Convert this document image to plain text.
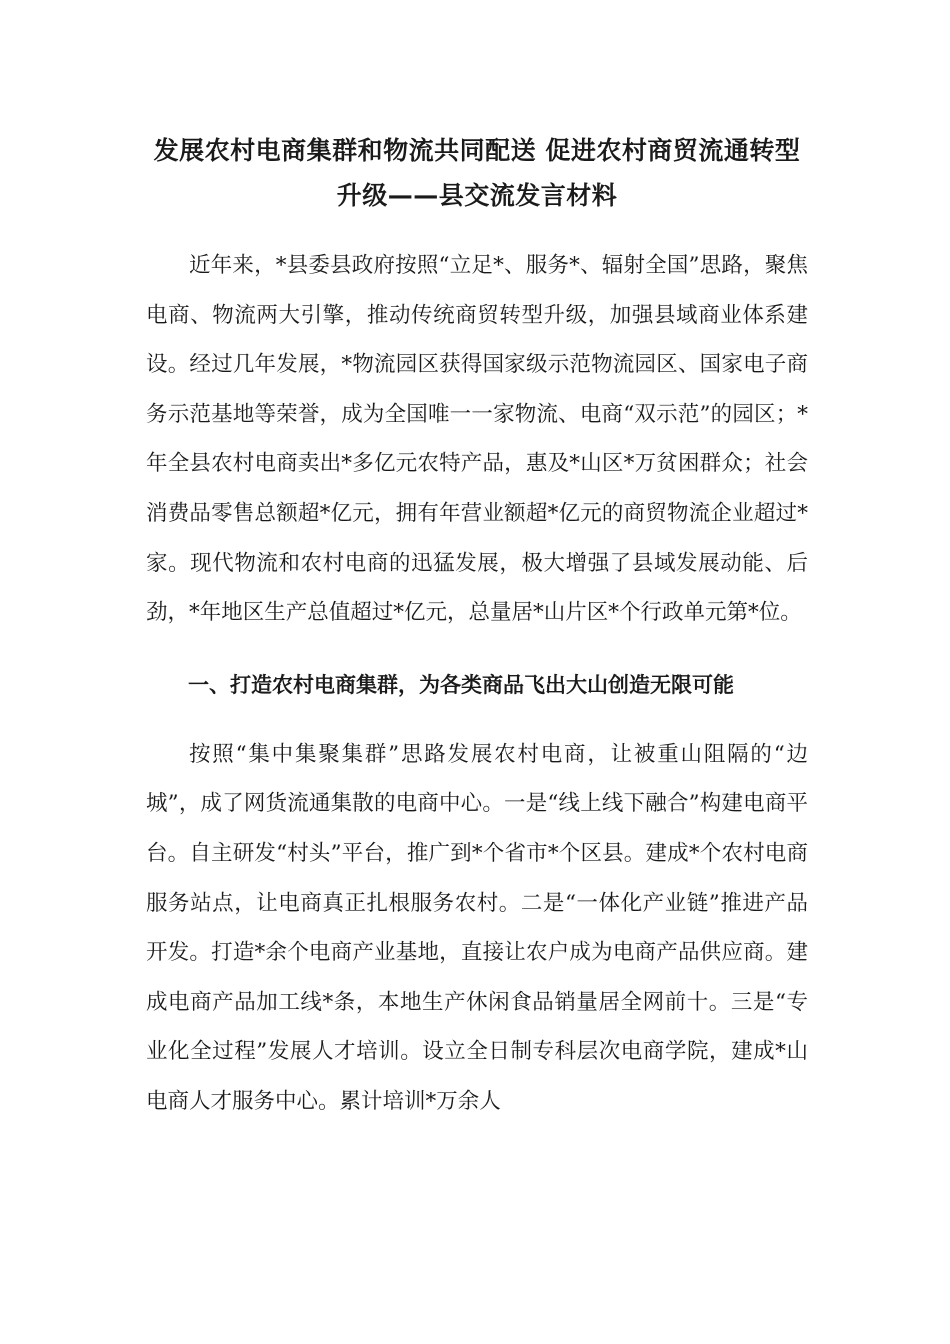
发展农村电商集群和物流共同配送 促进农村商贸流通转型
升级——县交流发言材料

近年来，*县委县政府按照“立足*、服务*、辐射全国”思路，聚焦电商、物流两大引擎，推动传统商贸转型升级，加强县域商业体系建设。经过几年发展，*物流园区获得国家级示范物流园区、国家电子商务示范基地等荣誉，成为全国唯一一家物流、电商“双示范”的园区；*年全县农村电商卖出*多亿元农特产品，惠及*山区*万贫困群众；社会消费品零售总额超*亿元，拥有年营业额超*亿元的商贸物流企业超过*家。现代物流和农村电商的迅猛发展，极大增强了县域发展动能、后劲，*年地区生产总值超过*亿元，总量居*山片区*个行政单元第*位。

一、打造农村电商集群，为各类商品飞出大山创造无限可能

按照“集中集聚集群”思路发展农村电商，让被重山阻隔的“边城”，成了网货流通集散的电商中心。一是“线上线下融合”构建电商平台。自主研发“村头”平台，推广到*个省市*个区县。建成*个农村电商服务站点，让电商真正扎根服务农村。二是“一体化产业链”推进产品开发。打造*余个电商产业基地，直接让农户成为电商产品供应商。建成电商产品加工线*条，本地生产休闲食品销量居全网前十。三是“专业化全过程”发展人才培训。设立全日制专科层次电商学院，建成*山电商人才服务中心。累计培训*万余人
